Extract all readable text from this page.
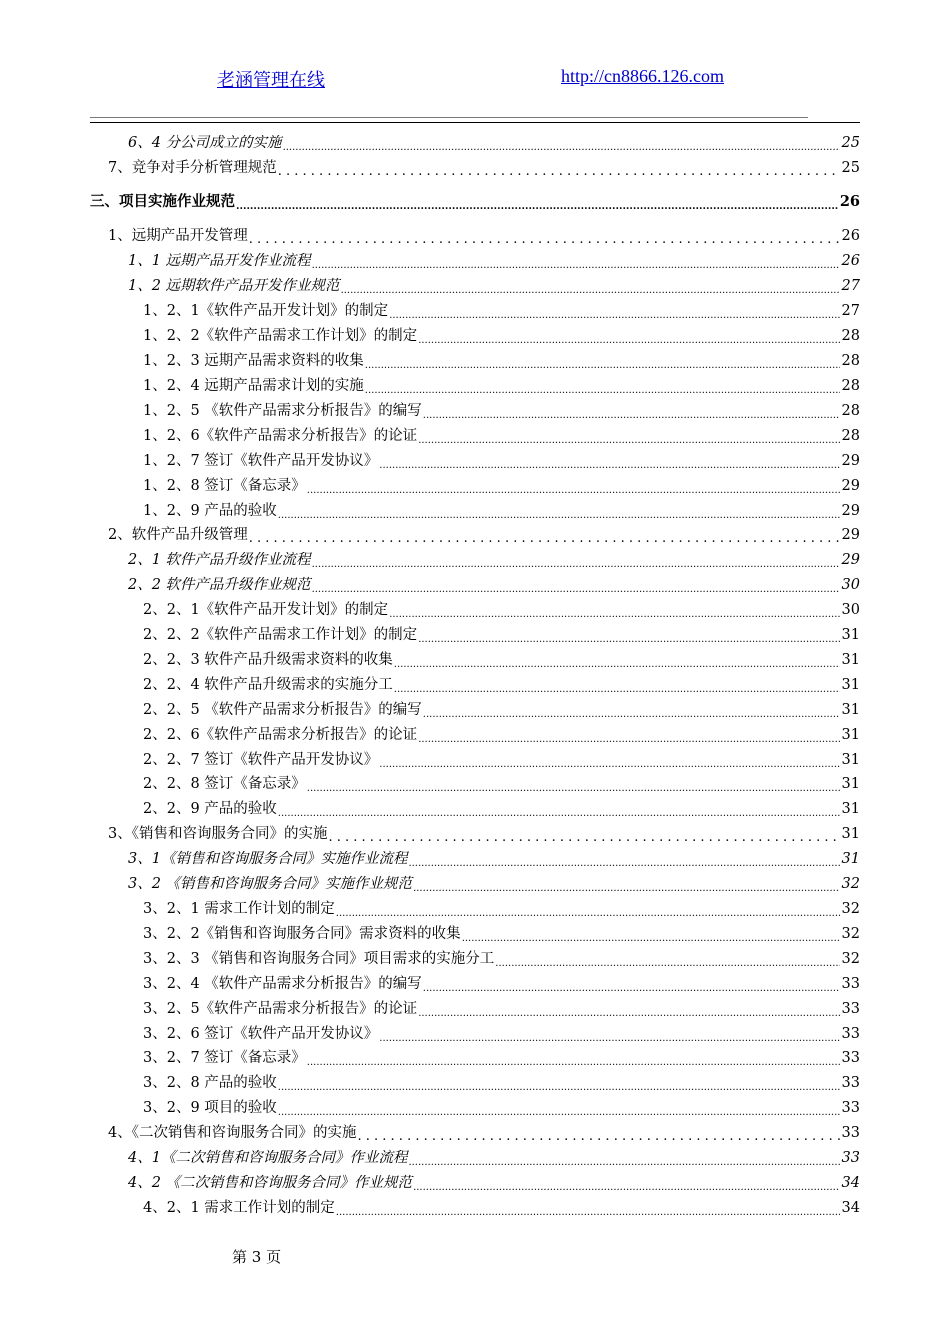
老涵管理在线	http://cn8866.126.com
6、4 分公司成立的实施 .....	25
7、竞争对手分析管理规范 . . .	25
三、项目实施作业规范 .....	26
1、远期产品开发管理 . . .	26
1、1 远期产品开发作业流程 .....	26
1、2 远期软件产品开发作业规范 .....	27
1、2、1《软件产品开发计划》的制定 .....	27
1、2、2《软件产品需求工作计划》的制定 .....	28
1、2、3 远期产品需求资料的收集 .....	28
1、2、4 远期产品需求计划的实施 .....	28
1、2、5 《软件产品需求分析报告》的编写 .....	28
1、2、6《软件产品需求分析报告》的论证 .....	28
1、2、7 签订《软件产品开发协议》 .....	29
1、2、8 签订《备忘录》 .....	29
1、2、9 产品的验收 .....	29
2、软件产品升级管理 . . .	29
2、1 软件产品升级作业流程 .....	29
2、2 软件产品升级作业规范 .....	30
2、2、1《软件产品开发计划》的制定 .....	30
2、2、2《软件产品需求工作计划》的制定 .....	31
2、2、3 软件产品升级需求资料的收集 .....	31
2、2、4 软件产品升级需求的实施分工 .....	31
2、2、5 《软件产品需求分析报告》的编写 .....	31
2、2、6《软件产品需求分析报告》的论证 .....	31
2、2、7 签订《软件产品开发协议》 .....	31
2、2、8 签订《备忘录》 .....	31
2、2、9 产品的验收 .....	31
3、《销售和咨询服务合同》的实施 . . .	31
3、1《销售和咨询服务合同》实施作业流程 .....	31
3、2 《销售和咨询服务合同》实施作业规范 .....	32
3、2、1 需求工作计划的制定 .....	32
3、2、2《销售和咨询服务合同》需求资料的收集 .....	32
3、2、3 《销售和咨询服务合同》项目需求的实施分工 .....	32
3、2、4 《软件产品需求分析报告》的编写 .....	33
3、2、5《软件产品需求分析报告》的论证 .....	33
3、2、6 签订《软件产品开发协议》 .....	33
3、2、7 签订《备忘录》 .....	33
3、2、8 产品的验收 .....	33
3、2、9 项目的验收 .....	33
4、《二次销售和咨询服务合同》的实施 . . .	33
4、1《二次销售和咨询服务合同》作业流程 .....	33
4、2 《二次销售和咨询服务合同》作业规范 .....	34
4、2、1 需求工作计划的制定 .....	34
第 3 页
